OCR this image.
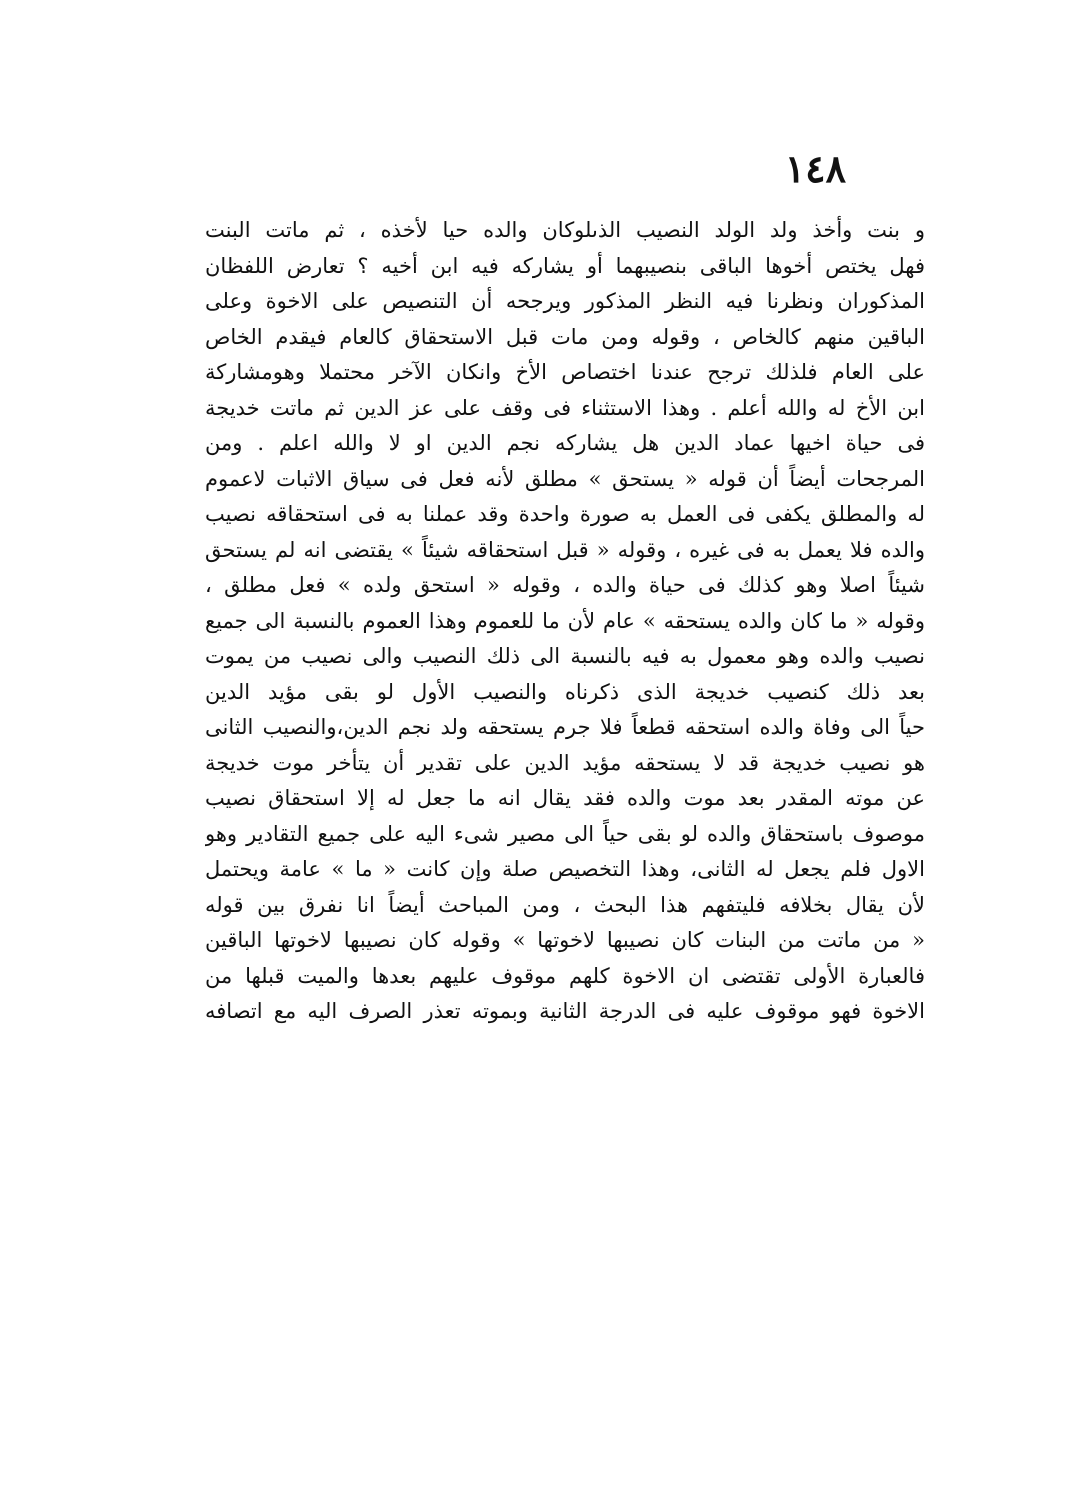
١٤٨
و بنت وأخذ ولد الولد النصيب الذىلوكان والده حيا لأخذه ، ثم ماتت البنت
فهل يختص أخوها الباقى بنصيبهما أو يشاركه فيه ابن أخيه ؟ تعارض اللفظان
المذكوران ونظرنا فيه النظر المذكور ويرجحه أن التنصيص على الاخوة وعلى
الباقين منهم كالخاص ، وقوله ومن مات قبل الاستحقاق كالعام فيقدم الخاص
على العام فلذلك ترجح عندنا اختصاص الأخ وانكان الآخر محتملا وهومشاركة
ابن الأخ له والله أعلم . وهذا الاستثناء فى وقف على عز الدين ثم ماتت خديجة
فى حياة اخيها عماد الدين هل يشاركه نجم الدين او لا والله اعلم . ومن
المرجحات أيضاً أن قوله « يستحق » مطلق لأنه فعل فى سياق الاثبات لاعموم
له والمطلق يكفى فى العمل به صورة واحدة وقد عملنا به فى استحقاقه نصيب
والده فلا يعمل به فى غيره ، وقوله « قبل استحقاقه شيئاً » يقتضى انه لم يستحق
شيئاً اصلا وهو كذلك فى حياة والده ، وقوله « استحق ولده » فعل مطلق ،
وقوله « ما كان والده يستحقه » عام لأن ما للعموم وهذا العموم بالنسبة الى جميع
نصيب والده وهو معمول به فيه بالنسبة الى ذلك النصيب والى نصيب من يموت
بعد ذلك كنصيب خديجة الذى ذكرناه والنصيب الأول لو بقى مؤيد الدين
حياً الى وفاة والده استحقه قطعاً فلا جرم يستحقه ولد نجم الدين،والنصيب الثانى
هو نصيب خديجة قد لا يستحقه مؤيد الدين على تقدير أن يتأخر موت خديجة
عن موته المقدر بعد موت والده فقد يقال انه ما جعل له إلا استحقاق نصيب
موصوف باستحقاق والده لو بقى حياً الى مصير شىء اليه على جميع التقادير وهو
الاول فلم يجعل له الثانى، وهذا التخصيص صلة وإن كانت « ما » عامة ويحتمل
لأن يقال بخلافه فليتفهم هذا البحث ، ومن المباحث أيضاً انا نفرق بين قوله
« من ماتت من البنات كان نصيبها لاخوتها » وقوله كان نصيبها لاخوتها الباقين
فالعبارة الأولى تقتضى ان الاخوة كلهم موقوف عليهم بعدها والميت قبلها من
الاخوة فهو موقوف عليه فى الدرجة الثانية وبموته تعذر الصرف اليه مع اتصافه
